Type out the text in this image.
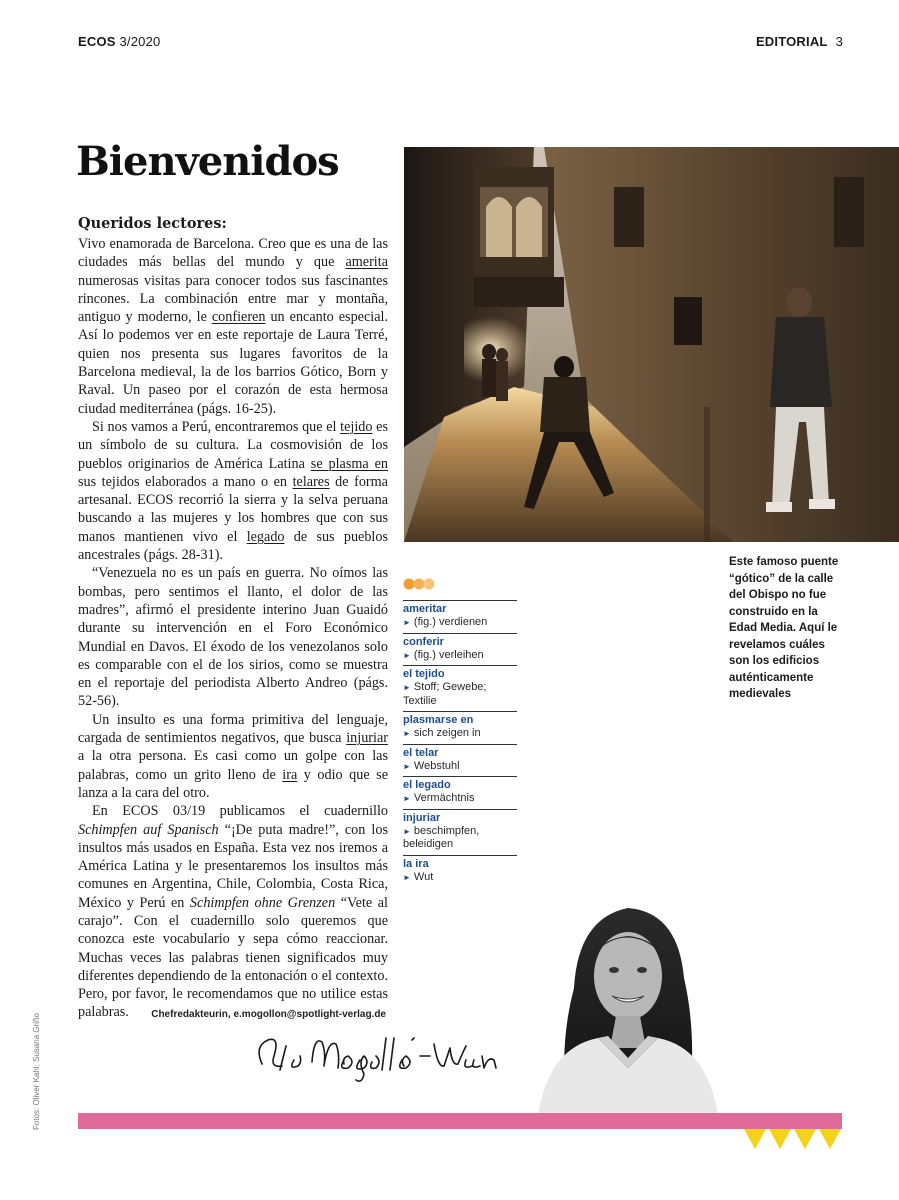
ECOS 3/2020	EDITORIAL 3
Bienvenidos
Queridos lectores:

Vivo enamorada de Barcelona. Creo que es una de las ciudades más bellas del mundo y que amerita numerosas visitas para conocer todos sus fascinantes rincones. La combinación entre mar y montaña, antiguo y moderno, le confieren un encanto especial. Así lo podemos ver en este reportaje de Laura Terré, quien nos presenta sus lugares favoritos de la Barcelona medieval, la de los barrios Gótico, Born y Raval. Un paseo por el corazón de esta hermosa ciudad mediterránea (págs. 16-25).

Si nos vamos a Perú, encontraremos que el tejido es un símbolo de su cultura. La cosmovisión de los pueblos originarios de América Latina se plasma en sus tejidos elaborados a mano o en telares de forma artesanal. ECOS recorrió la sierra y la selva peruana buscando a las mujeres y los hombres que con sus manos mantienen vivo el legado de sus pueblos ancestrales (págs. 28-31).

“Venezuela no es un país en guerra. No oímos las bombas, pero sentimos el llanto, el dolor de las madres”, afirmó el presidente interino Juan Guaidó durante su intervención en el Foro Económico Mundial en Davos. El éxodo de los venezolanos solo es comparable con el de los sirios, como se muestra en el reportaje del periodista Alberto Andreo (págs. 52-56).

Un insulto es una forma primitiva del lenguaje, cargada de sentimientos negativos, que busca injuriar a la otra persona. Es casi como un golpe con las palabras, como un grito lleno de ira y odio que se lanza a la cara del otro.

En ECOS 03/19 publicamos el cuadernillo Schimpfen auf Spanisch “¡De puta madre!”, con los insultos más usados en España. Esta vez nos iremos a América Latina y le presentaremos los insultos más comunes en Argentina, Chile, Colombia, Costa Rica, México y Perú en Schimpfen ohne Grenzen “Vete al carajo”. Con el cuadernillo solo queremos que conozca este vocabulario y sepa cómo reaccionar. Muchas veces las palabras tienen significados muy diferentes dependiendo de la entonación o el contexto. Pero, por favor, le recomendamos que no utilice estas palabras.

Este famoso puente “gótico” de la calle del Obispo no fue construido en la Edad Media. Aquí le revelamos cuáles son los edificios auténticamente medievales
ameritar
► (fig.) verdienen
conferir
► (fig.) verleihen
el tejido
► Stoff; Gewebe; Textilie
plasmarse en
► sich zeigen in
el telar
► Webstuhl
el legado
► Vermächtnis
injuriar
► beschimpfen, beleidigen
la ira
► Wut
Chefredakteurin, e.mogollon@spotlight-verlag.de
Fotos: Oliver Kahl; Susana Griño
